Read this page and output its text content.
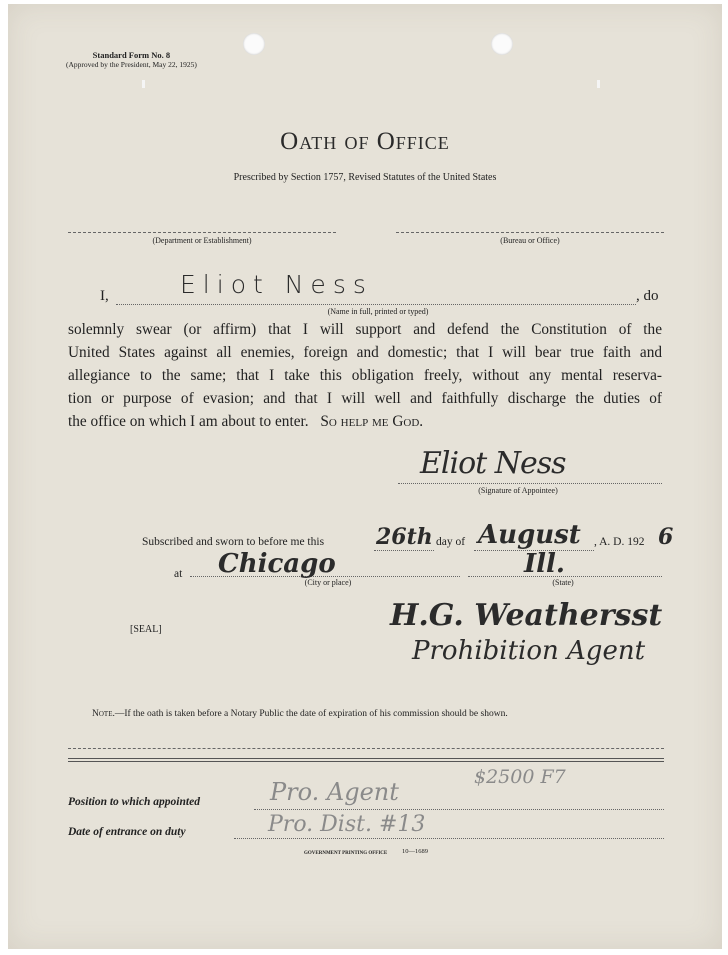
Standard Form No. 8
(Approved by the President, May 22, 1925)
Oath of Office
Prescribed by Section 1757, Revised Statutes of the United States
(Department or Establishment)	(Bureau or Office)
I,	Eliot Ness	, do
(Name in full, printed or typed)
solemnly swear (or affirm) that I will support and defend the Constitution of the
United States against all enemies, foreign and domestic; that I will bear true faith and
allegiance to the same; that I take this obligation freely, without any mental reserva-
tion or purpose of evasion; and that I will well and faithfully discharge the duties of
the office on which I am about to enter. So help me God.
Eliot Ness
(Signature of Appointee)
Subscribed and sworn to before me this 26th day of August , A. D. 192 6
at Chicago
(City or place)
Ill.
(State)
[SEAL]	H.G. Weathersst
Prohibition Agent
Note.—If the oath is taken before a Notary Public the date of expiration of his commission should be shown.
$2500 F7
Position to which appointed	Pro. Agent
Date of entrance on duty	Pro. Dist. #13
GOVERNMENT PRINTING OFFICE 10—1689
